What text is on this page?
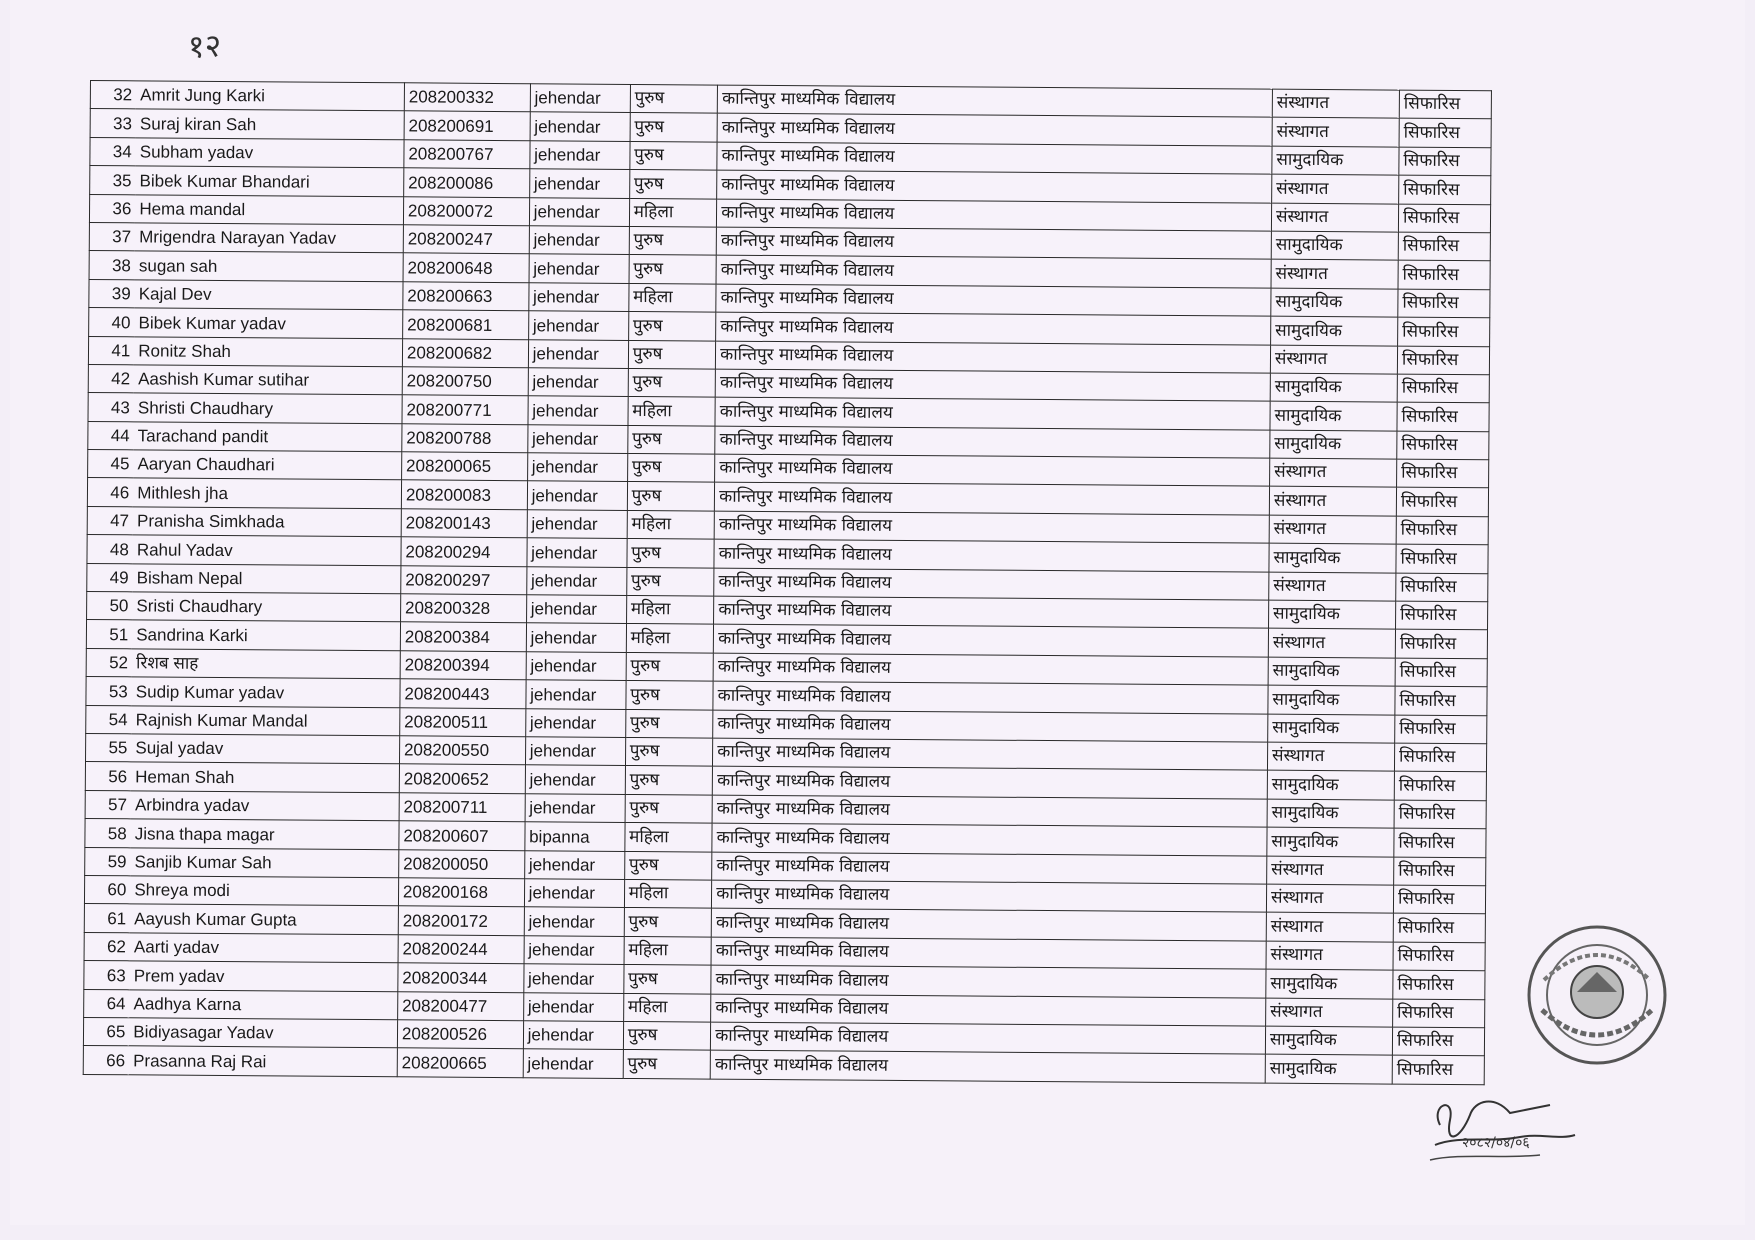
१२
32	Amrit Jung Karki	208200332	jehendar	पुरुष	कान्तिपुर माध्यमिक विद्यालय	संस्थागत	सिफारिस
33	Suraj kiran Sah	208200691	jehendar	पुरुष	कान्तिपुर माध्यमिक विद्यालय	संस्थागत	सिफारिस
34	Subham yadav	208200767	jehendar	पुरुष	कान्तिपुर माध्यमिक विद्यालय	सामुदायिक	सिफारिस
35	Bibek Kumar Bhandari	208200086	jehendar	पुरुष	कान्तिपुर माध्यमिक विद्यालय	संस्थागत	सिफारिस
36	Hema mandal	208200072	jehendar	महिला	कान्तिपुर माध्यमिक विद्यालय	संस्थागत	सिफारिस
37	Mrigendra Narayan Yadav	208200247	jehendar	पुरुष	कान्तिपुर माध्यमिक विद्यालय	सामुदायिक	सिफारिस
38	sugan sah	208200648	jehendar	पुरुष	कान्तिपुर माध्यमिक विद्यालय	संस्थागत	सिफारिस
39	Kajal Dev	208200663	jehendar	महिला	कान्तिपुर माध्यमिक विद्यालय	सामुदायिक	सिफारिस
40	Bibek Kumar yadav	208200681	jehendar	पुरुष	कान्तिपुर माध्यमिक विद्यालय	सामुदायिक	सिफारिस
41	Ronitz Shah	208200682	jehendar	पुरुष	कान्तिपुर माध्यमिक विद्यालय	संस्थागत	सिफारिस
42	Aashish Kumar sutihar	208200750	jehendar	पुरुष	कान्तिपुर माध्यमिक विद्यालय	सामुदायिक	सिफारिस
43	Shristi Chaudhary	208200771	jehendar	महिला	कान्तिपुर माध्यमिक विद्यालय	सामुदायिक	सिफारिस
44	Tarachand pandit	208200788	jehendar	पुरुष	कान्तिपुर माध्यमिक विद्यालय	सामुदायिक	सिफारिस
45	Aaryan Chaudhari	208200065	jehendar	पुरुष	कान्तिपुर माध्यमिक विद्यालय	संस्थागत	सिफारिस
46	Mithlesh jha	208200083	jehendar	पुरुष	कान्तिपुर माध्यमिक विद्यालय	संस्थागत	सिफारिस
47	Pranisha Simkhada	208200143	jehendar	महिला	कान्तिपुर माध्यमिक विद्यालय	संस्थागत	सिफारिस
48	Rahul Yadav	208200294	jehendar	पुरुष	कान्तिपुर माध्यमिक विद्यालय	सामुदायिक	सिफारिस
49	Bisham Nepal	208200297	jehendar	पुरुष	कान्तिपुर माध्यमिक विद्यालय	संस्थागत	सिफारिस
50	Sristi Chaudhary	208200328	jehendar	महिला	कान्तिपुर माध्यमिक विद्यालय	सामुदायिक	सिफारिस
51	Sandrina Karki	208200384	jehendar	महिला	कान्तिपुर माध्यमिक विद्यालय	संस्थागत	सिफारिस
52	रिशब साह	208200394	jehendar	पुरुष	कान्तिपुर माध्यमिक विद्यालय	सामुदायिक	सिफारिस
53	Sudip Kumar yadav	208200443	jehendar	पुरुष	कान्तिपुर माध्यमिक विद्यालय	सामुदायिक	सिफारिस
54	Rajnish Kumar Mandal	208200511	jehendar	पुरुष	कान्तिपुर माध्यमिक विद्यालय	सामुदायिक	सिफारिस
55	Sujal yadav	208200550	jehendar	पुरुष	कान्तिपुर माध्यमिक विद्यालय	संस्थागत	सिफारिस
56	Heman Shah	208200652	jehendar	पुरुष	कान्तिपुर माध्यमिक विद्यालय	सामुदायिक	सिफारिस
57	Arbindra yadav	208200711	jehendar	पुरुष	कान्तिपुर माध्यमिक विद्यालय	सामुदायिक	सिफारिस
58	Jisna thapa magar	208200607	bipanna	महिला	कान्तिपुर माध्यमिक विद्यालय	सामुदायिक	सिफारिस
59	Sanjib Kumar Sah	208200050	jehendar	पुरुष	कान्तिपुर माध्यमिक विद्यालय	संस्थागत	सिफारिस
60	Shreya modi	208200168	jehendar	महिला	कान्तिपुर माध्यमिक विद्यालय	संस्थागत	सिफारिस
61	Aayush Kumar Gupta	208200172	jehendar	पुरुष	कान्तिपुर माध्यमिक विद्यालय	संस्थागत	सिफारिस
62	Aarti yadav	208200244	jehendar	महिला	कान्तिपुर माध्यमिक विद्यालय	संस्थागत	सिफारिस
63	Prem yadav	208200344	jehendar	पुरुष	कान्तिपुर माध्यमिक विद्यालय	सामुदायिक	सिफारिस
64	Aadhya Karna	208200477	jehendar	महिला	कान्तिपुर माध्यमिक विद्यालय	संस्थागत	सिफारिस
65	Bidiyasagar Yadav	208200526	jehendar	पुरुष	कान्तिपुर माध्यमिक विद्यालय	सामुदायिक	सिफारिस
66	Prasanna Raj Rai	208200665	jehendar	पुरुष	कान्तिपुर माध्यमिक विद्यालय	सामुदायिक	सिफारिस
२०८२/०४/०६
